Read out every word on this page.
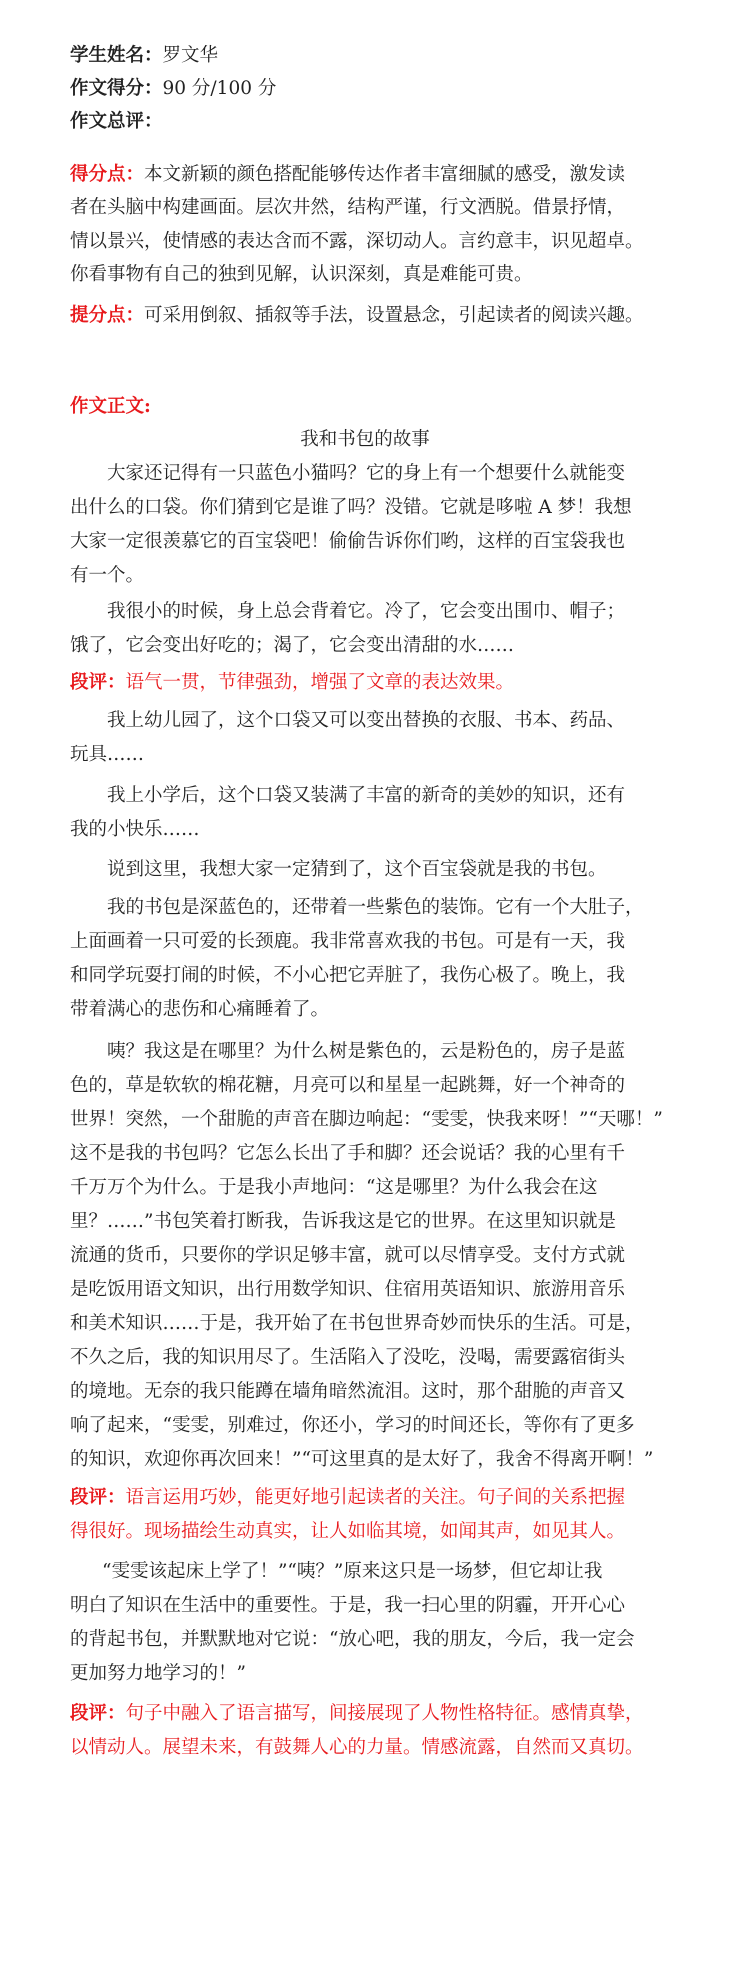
学生姓名：罗文华
作文得分：90 分/100 分
作文总评：
得分点：本文新颖的颜色搭配能够传达作者丰富细腻的感受，激发读
者在头脑中构建画面。层次井然，结构严谨，行文洒脱。借景抒情，
情以景兴，使情感的表达含而不露，深切动人。言约意丰，识见超卓。
你看事物有自己的独到见解，认识深刻，真是难能可贵。
提分点：可采用倒叙、插叙等手法，设置悬念，引起读者的阅读兴趣。
作文正文:
我和书包的故事
大家还记得有一只蓝色小猫吗？它的身上有一个想要什么就能变
出什么的口袋。你们猜到它是谁了吗？没错。它就是哆啦 A 梦！我想
大家一定很羡慕它的百宝袋吧！偷偷告诉你们哟，这样的百宝袋我也
有一个。
我很小的时候，身上总会背着它。冷了，它会变出围巾、帽子；
饿了，它会变出好吃的；渴了，它会变出清甜的水……
段评：语气一贯，节律强劲，增强了文章的表达效果。
我上幼儿园了，这个口袋又可以变出替换的衣服、书本、药品、
玩具……
我上小学后，这个口袋又装满了丰富的新奇的美妙的知识，还有
我的小快乐……
说到这里，我想大家一定猜到了，这个百宝袋就是我的书包。
我的书包是深蓝色的，还带着一些紫色的装饰。它有一个大肚子，
上面画着一只可爱的长颈鹿。我非常喜欢我的书包。可是有一天，我
和同学玩耍打闹的时候，不小心把它弄脏了，我伤心极了。晚上，我
带着满心的悲伤和心痛睡着了。
咦？我这是在哪里？为什么树是紫色的，云是粉色的，房子是蓝
色的，草是软软的棉花糖，月亮可以和星星一起跳舞，好一个神奇的
世界！突然，一个甜脆的声音在脚边响起：“雯雯，快我来呀！”“天哪！”
这不是我的书包吗？它怎么长出了手和脚？还会说话？我的心里有千
千万万个为什么。于是我小声地问：“这是哪里？为什么我会在这
里？……”书包笑着打断我，告诉我这是它的世界。在这里知识就是
流通的货币，只要你的学识足够丰富，就可以尽情享受。支付方式就
是吃饭用语文知识，出行用数学知识、住宿用英语知识、旅游用音乐
和美术知识……于是，我开始了在书包世界奇妙而快乐的生活。可是，
不久之后，我的知识用尽了。生活陷入了没吃，没喝，需要露宿街头
的境地。无奈的我只能蹲在墙角暗然流泪。这时，那个甜脆的声音又
响了起来，“雯雯，别难过，你还小，学习的时间还长，等你有了更多
的知识，欢迎你再次回来！”“可这里真的是太好了，我舍不得离开啊！”
段评：语言运用巧妙，能更好地引起读者的关注。句子间的关系把握
得很好。现场描绘生动真实，让人如临其境，如闻其声，如见其人。
“雯雯该起床上学了！”“咦？”原来这只是一场梦，但它却让我
明白了知识在生活中的重要性。于是，我一扫心里的阴霾，开开心心
的背起书包，并默默地对它说：“放心吧，我的朋友，今后，我一定会
更加努力地学习的！”
段评：句子中融入了语言描写，间接展现了人物性格特征。感情真挚，
以情动人。展望未来，有鼓舞人心的力量。情感流露，自然而又真切。
